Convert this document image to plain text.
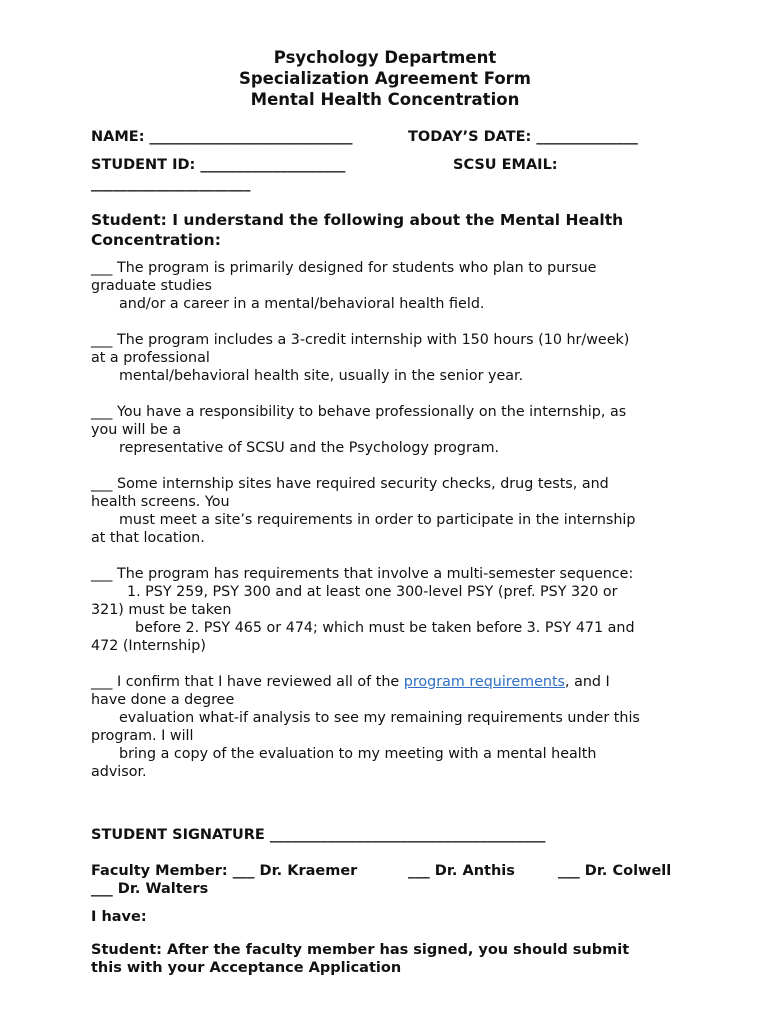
Psychology Department
Specialization Agreement Form
Mental Health Concentration
NAME: ____________________________	TODAY’S DATE: ______________
STUDENT ID: ____________________	SCSU EMAIL:
______________________
Student: I understand the following about the Mental Health
Concentration:
___ The program is primarily designed for students who plan to pursue
graduate studies
and/or a career in a mental/behavioral health field.
___ The program includes a 3-credit internship with 150 hours (10 hr/week)
at a professional
mental/behavioral health site, usually in the senior year.
___ You have a responsibility to behave professionally on the internship, as
you will be a
representative of SCSU and the Psychology program.
___ Some internship sites have required security checks, drug tests, and
health screens. You
must meet a site’s requirements in order to participate in the internship
at that location.
___ The program has requirements that involve a multi-semester sequence:
1. PSY 259, PSY 300 and at least one 300-level PSY (pref. PSY 320 or
321) must be taken
before 2. PSY 465 or 474; which must be taken before 3. PSY 471 and
472 (Internship)
___ I confirm that I have reviewed all of the program requirements, and I
have done a degree
evaluation what-if analysis to see my remaining requirements under this
program. I will
bring a copy of the evaluation to my meeting with a mental health
advisor.
STUDENT SIGNATURE ______________________________________
Faculty Member: ___ Dr. Kraemer	___ Dr. Anthis	___ Dr. Colwell
___ Dr. Walters
I have:
Student: After the faculty member has signed, you should submit
this with your Acceptance Application
